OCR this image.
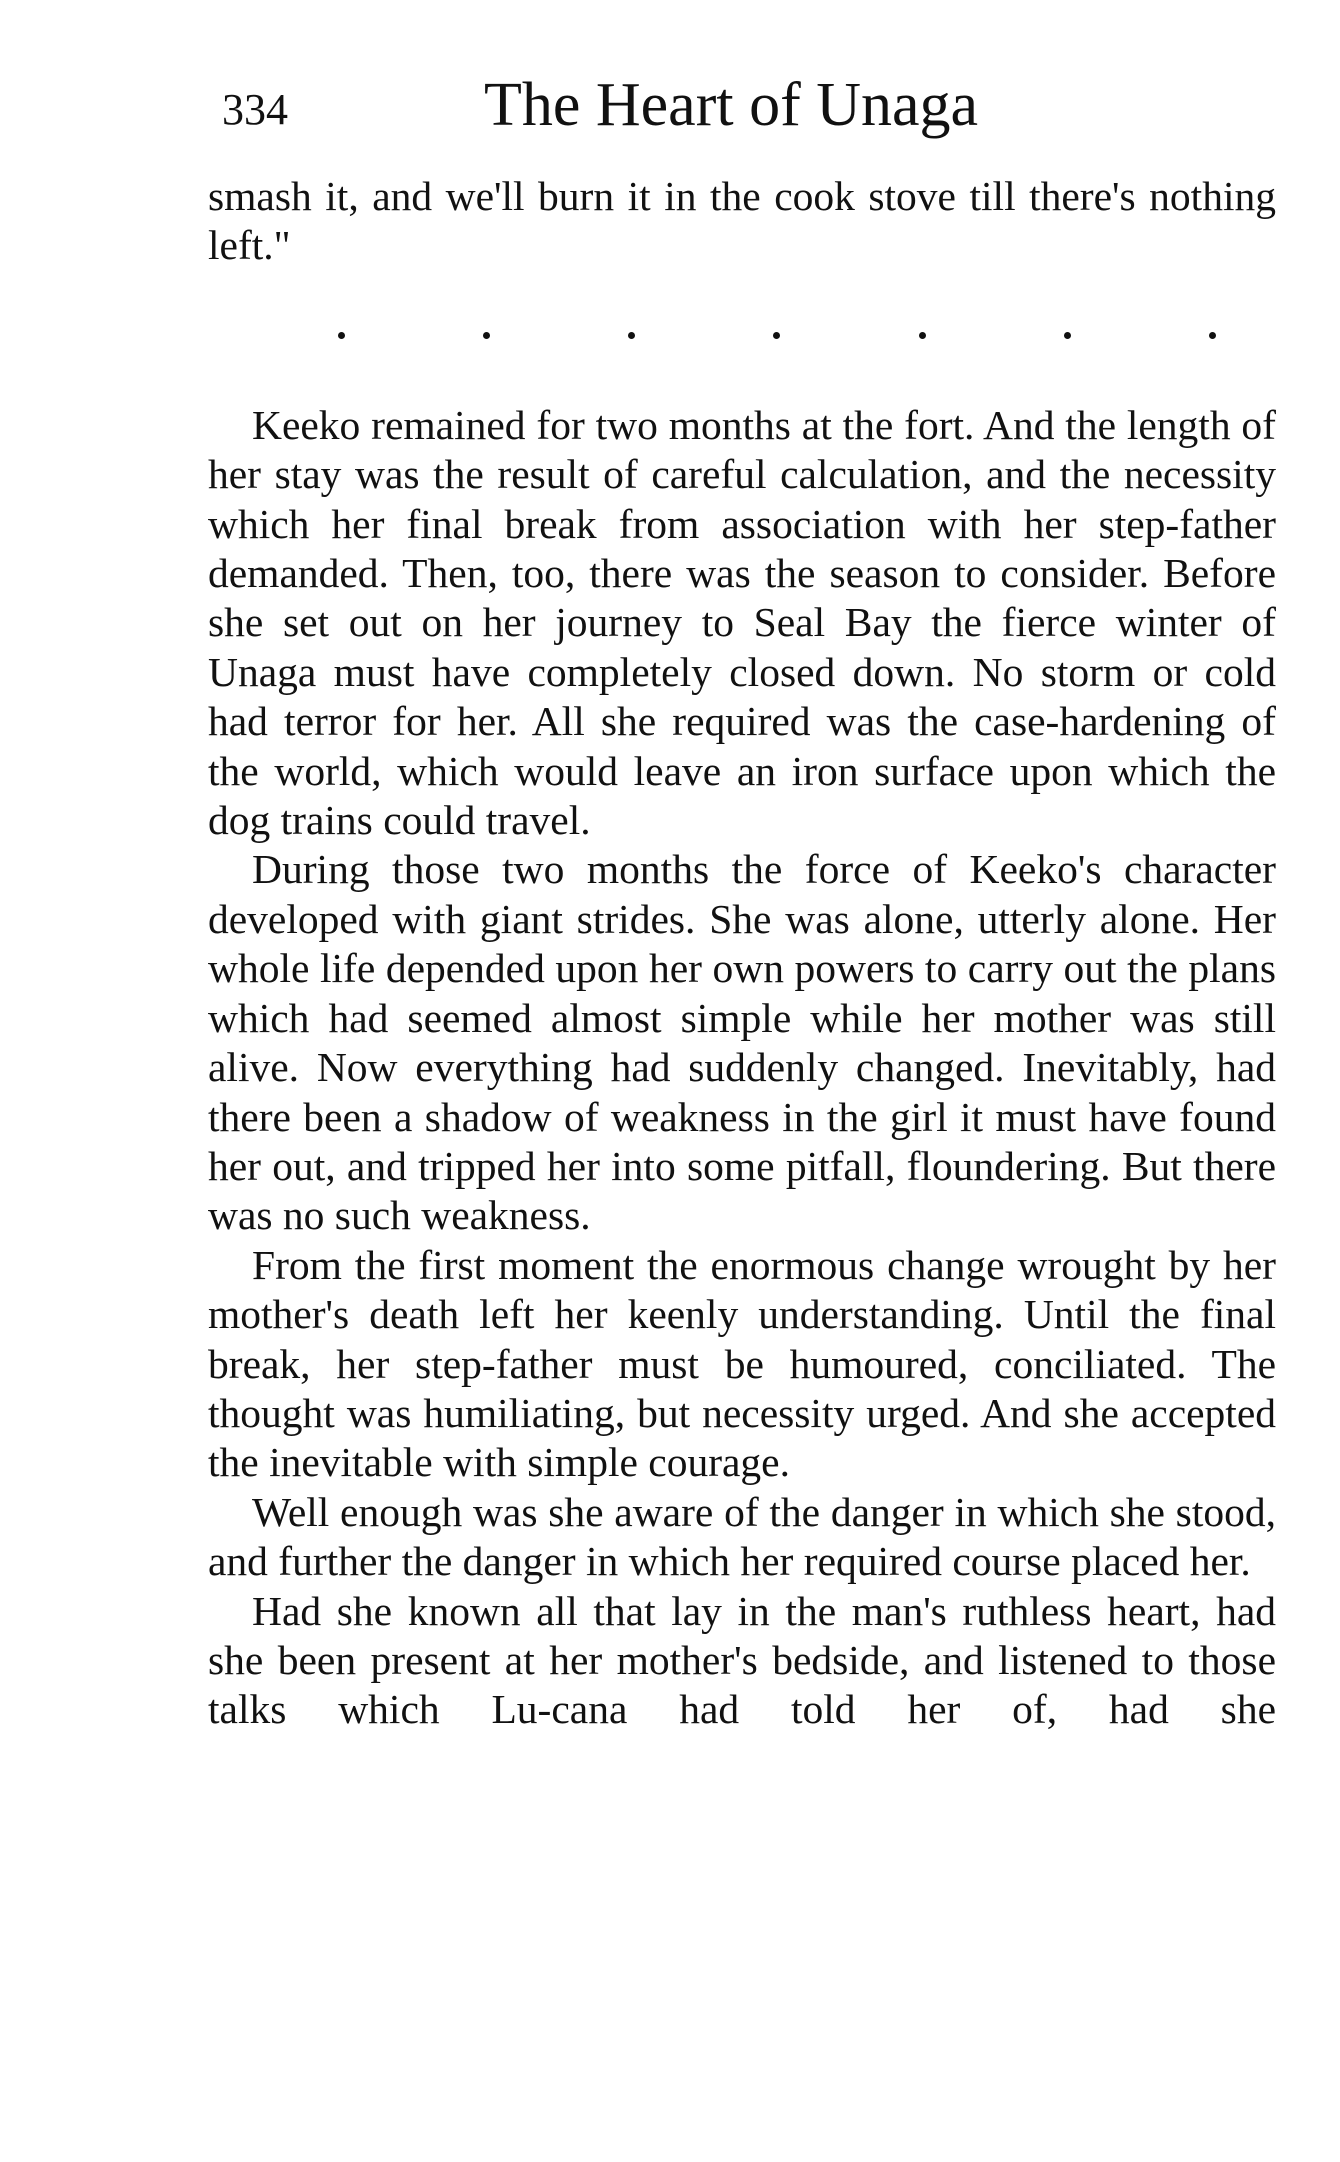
334	The Heart of Unaga

smash it, and we'll burn it in the cook stove till there's nothing left."

Keeko remained for two months at the fort. And the length of her stay was the result of careful calculation, and the necessity which her final break from association with her step-father demanded. Then, too, there was the season to consider. Before she set out on her journey to Seal Bay the fierce winter of Unaga must have completely closed down. No storm or cold had terror for her. All she required was the case-hardening of the world, which would leave an iron surface upon which the dog trains could travel.

During those two months the force of Keeko's character developed with giant strides. She was alone, utterly alone. Her whole life depended upon her own powers to carry out the plans which had seemed almost simple while her mother was still alive. Now everything had suddenly changed. Inevitably, had there been a shadow of weakness in the girl it must have found her out, and tripped her into some pitfall, floundering. But there was no such weakness.

From the first moment the enormous change wrought by her mother's death left her keenly understanding. Until the final break, her step-father must be humoured, conciliated. The thought was humiliating, but necessity urged. And she accepted the inevitable with simple courage.

Well enough was she aware of the danger in which she stood, and further the danger in which her required course placed her.

Had she known all that lay in the man's ruthless heart, had she been present at her mother's bedside, and listened to those talks which Lu-cana had told her of, had she
